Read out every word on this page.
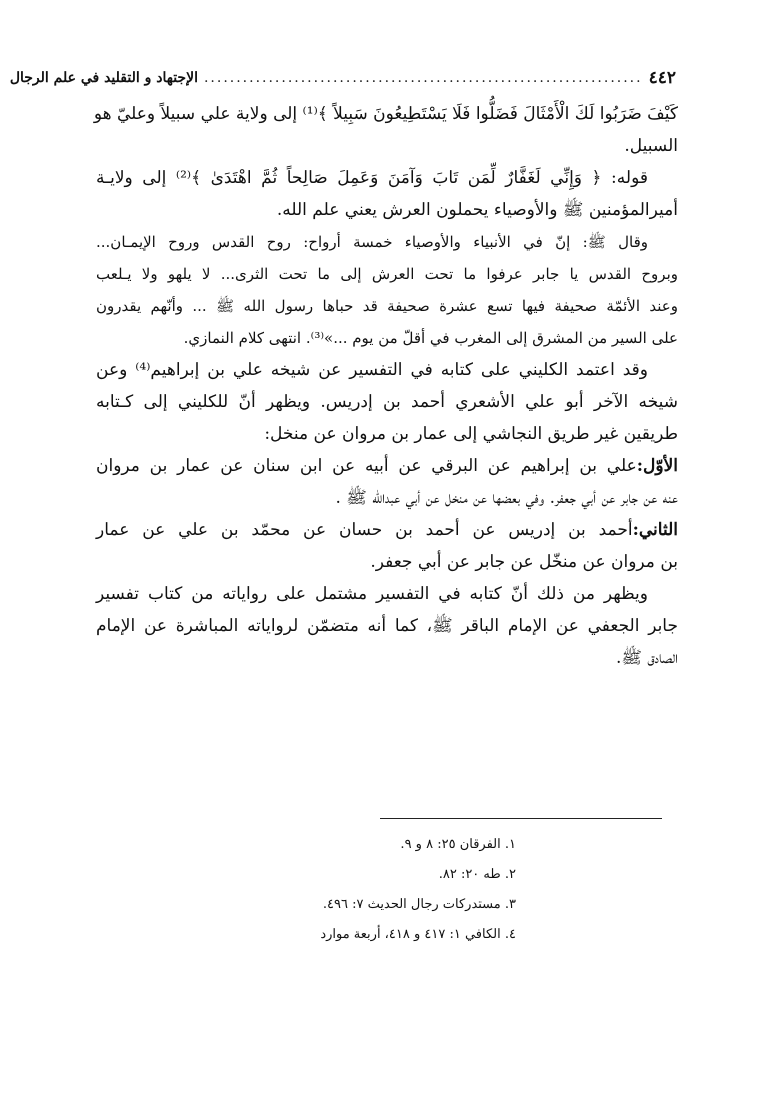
٤٤٢
....................................................................
الإجتهاد و التقليد في علم الرجال
كَيْفَ ضَرَبُوا لَكَ الْأَمْثَالَ فَضَلُّوا فَلَا يَسْتَطِيعُونَ سَبِيلاً ﴾⁽¹⁾ إلى ولاية علي سبيلاً وعليّ هو
السبيل.
قوله: ﴿ وَإِنِّي لَغَفَّارٌ لِّمَن تَابَ وَآمَنَ وَعَمِلَ صَالِحاً ثُمَّ اهْتَدَىٰ ﴾⁽²⁾ إلى ولايـة
أميرالمؤمنين ﷺ والأوصياء يحملون العرش يعني علم الله.
وقال ﷺ: إنّ في الأنبياء والأوصياء خمسة أرواح: روح القدس وروح الإيمـان...
وبروح القدس يا جابر عرفوا ما تحت العرش إلى ما تحت الثرى... لا يلهو ولا يـلعب
وعند الأئمّة صحيفة فيها تسع عشرة صحيفة قد حباها رسول الله ﷺ ... وأنّهم يقدرون
على السير من المشرق إلى المغرب في أقلّ من يوم ...»⁽³⁾. انتهى كلام النمازي.
وقد اعتمد الكليني على كتابه في التفسير عن شيخه علي بن إبراهيم⁽⁴⁾ وعن
شيخه الآخر أبو علي الأشعري أحمد بن إدريس. ويظهر أنّ للكليني إلى كـتابه
طريقين غير طريق النجاشي إلى عمار بن مروان عن منخل:
الأوّل:علي بن إبراهيم عن البرقي عن أبيه عن ابن سنان عن عمار بن مروان
عنه عن جابر عن أبي جعفر. وفي بعضها عن منخل عن أبي عبدالله ﷺ .
الثاني:أحمد بن إدريس عن أحمد بن حسان عن محمّد بن علي عن عمار
بن مروان عن منخّل عن جابر عن أبي جعفر.
ويظهر من ذلك أنّ كتابه في التفسير مشتمل على رواياته من كتاب تفسير
جابر الجعفي عن الإمام الباقر ﷺ، كما أنه متضمّن لرواياته المباشرة عن الإمام
الصادق ﷺ.
١. الفرقان ٢٥: ٨ و ٩.
٢. طه ٢٠: ٨٢.
٣. مستدركات رجال الحديث ٧: ٤٩٦.
٤. الكافي ١: ٤١٧ و ٤١٨، أربعة موارد
